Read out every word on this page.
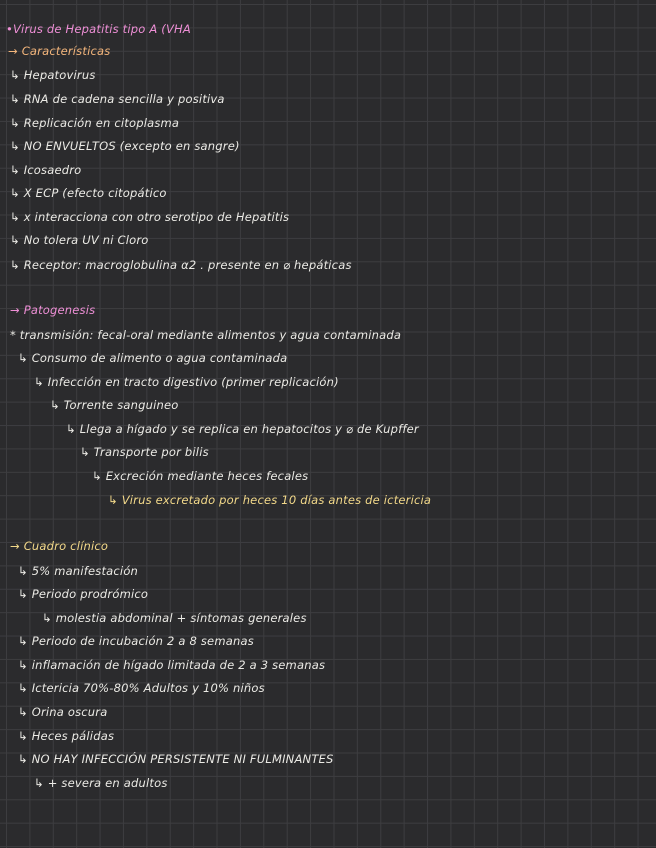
•Virus de Hepatitis tipo A (VHA
→ Características
↳ Hepatovirus
↳ RNA de cadena sencilla y positiva
↳ Replicación en citoplasma
↳ NO ENVUELTOS (excepto en sangre)
↳ Icosaedro
↳ X ECP (efecto citopático
↳ x interacciona con otro serotipo de Hepatitis
↳ No tolera UV ni Cloro
↳ Receptor: macroglobulina α2 . presente en ⌀ hepáticas
→ Patogenesis
* transmisión: fecal-oral mediante alimentos y agua contaminada
↳ Consumo de alimento o agua contaminada
↳ Infección en tracto digestivo (primer replicación)
↳ Torrente sanguineo
↳ Llega a hígado y se replica en hepatocitos y ⌀ de Kupffer
↳ Transporte por bilis
↳ Excreción mediante heces fecales
↳ Virus excretado por heces 10 días antes de ictericia
→ Cuadro clínico
↳ 5% manifestación
↳ Periodo prodrómico
↳ molestia abdominal + síntomas generales
↳ Periodo de incubación 2 a 8 semanas
↳ inflamación de hígado limitada de 2 a 3 semanas
↳ Ictericia 70%-80% Adultos y 10% niños
↳ Orina oscura
↳ Heces pálidas
↳ NO HAY INFECCIÓN PERSISTENTE NI FULMINANTES
↳ + severa en adultos
